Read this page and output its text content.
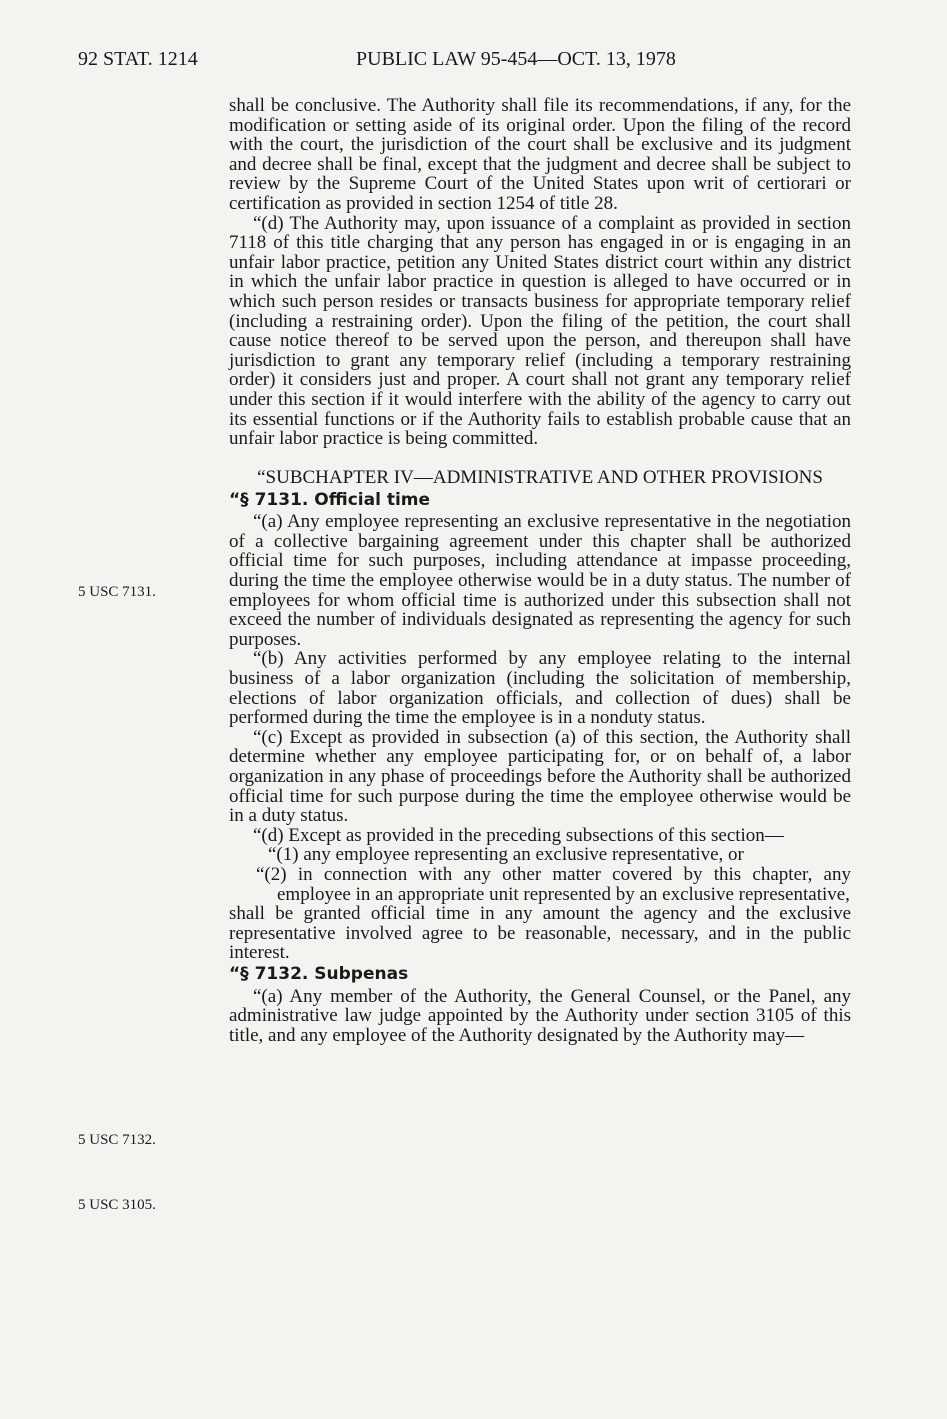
92 STAT. 1214	PUBLIC LAW 95-454—OCT. 13, 1978
5 USC 7131.
5 USC 7132.
5 USC 3105.

shall be conclusive. The Authority shall file its recommendations, if any, for the modification or setting aside of its original order. Upon the filing of the record with the court, the jurisdiction of the court shall be exclusive and its judgment and decree shall be final, except that the judgment and decree shall be subject to review by the Supreme Court of the United States upon writ of certiorari or certification as provided in section 1254 of title 28.

“(d) The Authority may, upon issuance of a complaint as provided in section 7118 of this title charging that any person has engaged in or is engaging in an unfair labor practice, petition any United States district court within any district in which the unfair labor practice in question is alleged to have occurred or in which such person resides or transacts business for appropriate temporary relief (including a restraining order). Upon the filing of the petition, the court shall cause notice thereof to be served upon the person, and thereupon shall have jurisdiction to grant any temporary relief (including a temporary restraining order) it considers just and proper. A court shall not grant any temporary relief under this section if it would interfere with the ability of the agency to carry out its essential functions or if the Authority fails to establish probable cause that an unfair labor practice is being committed.

“SUBCHAPTER IV—ADMINISTRATIVE AND OTHER PROVISIONS

“§ 7131. Official time

“(a) Any employee representing an exclusive representative in the negotiation of a collective bargaining agreement under this chapter shall be authorized official time for such purposes, including attendance at impasse proceeding, during the time the employee otherwise would be in a duty status. The number of employees for whom official time is authorized under this subsection shall not exceed the number of individuals designated as representing the agency for such purposes.

“(b) Any activities performed by any employee relating to the internal business of a labor organization (including the solicitation of membership, elections of labor organization officials, and collection of dues) shall be performed during the time the employee is in a nonduty status.

“(c) Except as provided in subsection (a) of this section, the Authority shall determine whether any employee participating for, or on behalf of, a labor organization in any phase of proceedings before the Authority shall be authorized official time for such purpose during the time the employee otherwise would be in a duty status.

“(d) Except as provided in the preceding subsections of this section—

“(1) any employee representing an exclusive representative, or

“(2) in connection with any other matter covered by this chapter, any employee in an appropriate unit represented by an exclusive representative,

shall be granted official time in any amount the agency and the exclusive representative involved agree to be reasonable, necessary, and in the public interest.

“§ 7132. Subpenas

“(a) Any member of the Authority, the General Counsel, or the Panel, any administrative law judge appointed by the Authority under section 3105 of this title, and any employee of the Authority designated by the Authority may—
